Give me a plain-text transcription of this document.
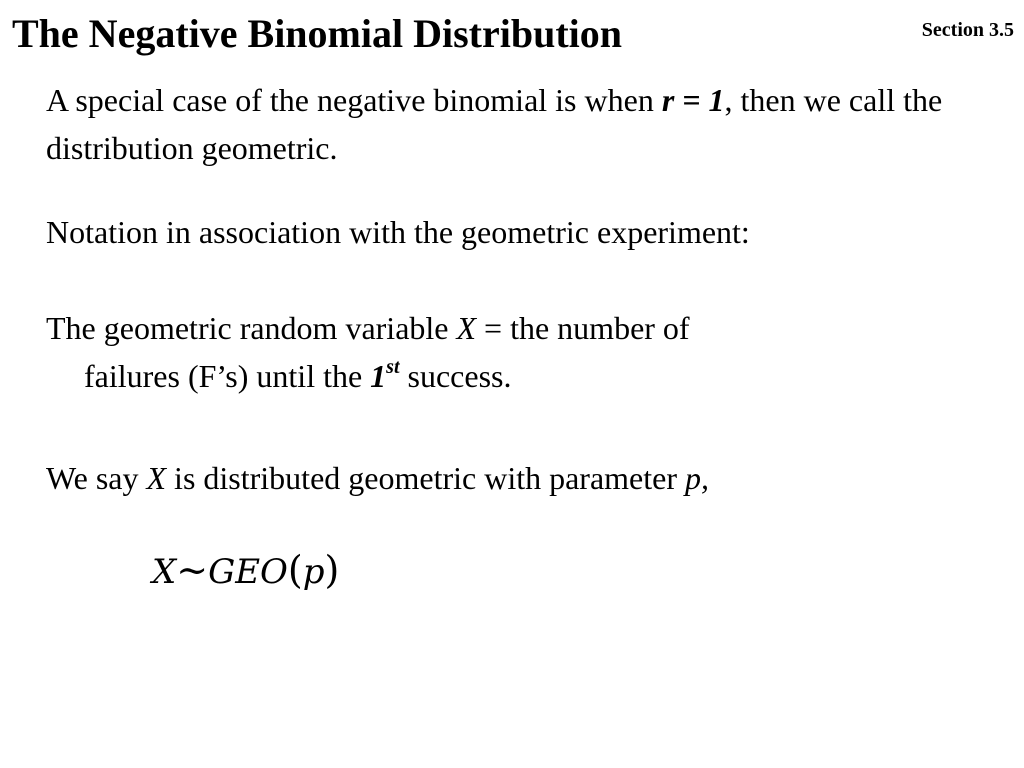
The Negative Binomial Distribution	Section 3.5
A special case of the negative binomial is when r = 1, then we call the distribution geometric.
Notation in association with the geometric experiment:
The geometric random variable X = the number of
failures (F’s) until the 1st success.
We say X is distributed geometric with parameter p,
X∼GEO(p)
